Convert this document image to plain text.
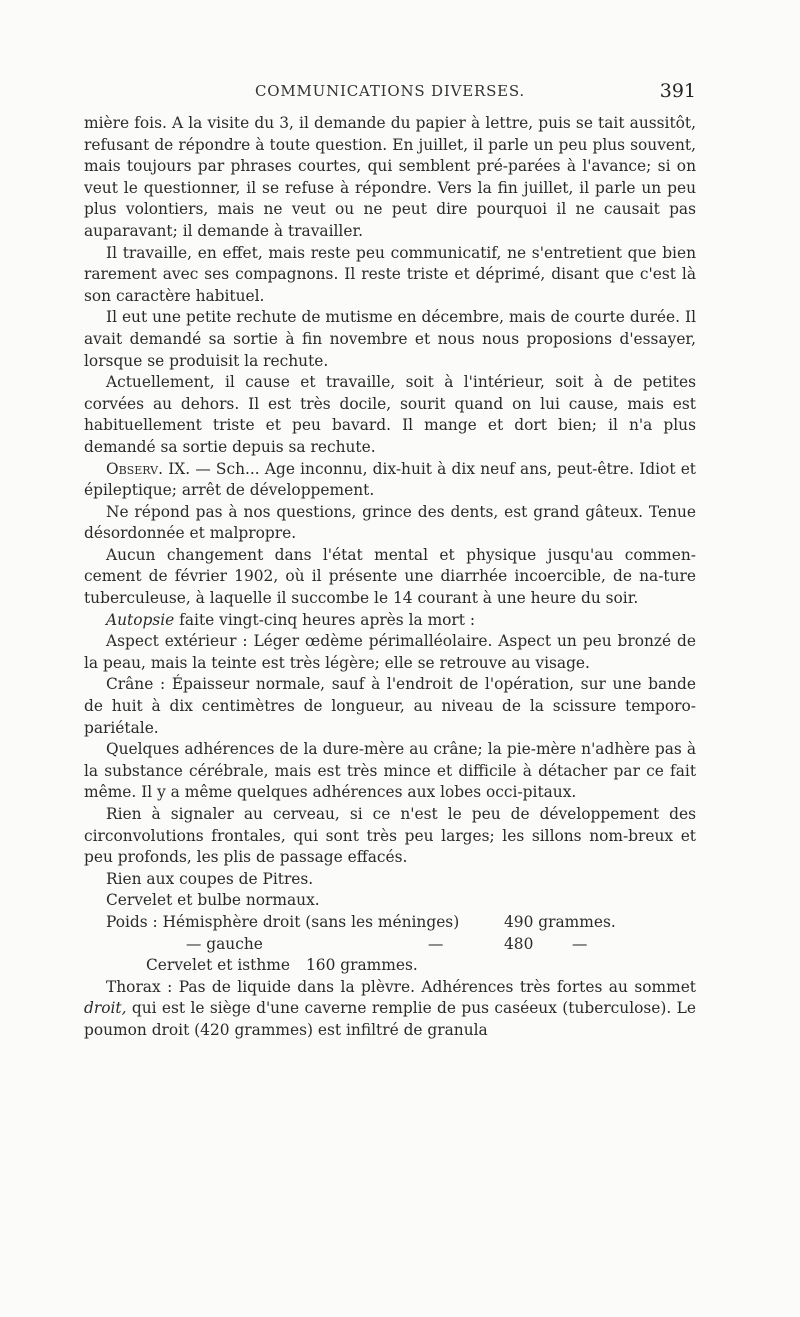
COMMUNICATIONS DIVERSES.	391

mière fois. A la visite du 3, il demande du papier à lettre, puis se tait aussitôt, refusant de répondre à toute question. En juillet, il parle un peu plus souvent, mais toujours par phrases courtes, qui semblent pré-parées à l'avance; si on veut le questionner, il se refuse à répondre. Vers la fin juillet, il parle un peu plus volontiers, mais ne veut ou ne peut dire pourquoi il ne causait pas auparavant; il demande à travailler.

Il travaille, en effet, mais reste peu communicatif, ne s'entretient que bien rarement avec ses compagnons. Il reste triste et déprimé, disant que c'est là son caractère habituel.

Il eut une petite rechute de mutisme en décembre, mais de courte durée. Il avait demandé sa sortie à fin novembre et nous nous proposions d'essayer, lorsque se produisit la rechute.

Actuellement, il cause et travaille, soit à l'intérieur, soit à de petites corvées au dehors. Il est très docile, sourit quand on lui cause, mais est habituellement triste et peu bavard. Il mange et dort bien; il n'a plus demandé sa sortie depuis sa rechute.

Observ. IX. — Sch... Age inconnu, dix-huit à dix neuf ans, peut-être. Idiot et épileptique; arrêt de développement.

Ne répond pas à nos questions, grince des dents, est grand gâteux. Tenue désordonnée et malpropre.

Aucun changement dans l'état mental et physique jusqu'au commen-cement de février 1902, où il présente une diarrhée incoercible, de na-ture tuberculeuse, à laquelle il succombe le 14 courant à une heure du soir.

Autopsie faite vingt-cinq heures après la mort :

Aspect extérieur : Léger œdème périmalléolaire. Aspect un peu bronzé de la peau, mais la teinte est très légère; elle se retrouve au visage.

Crâne : Épaisseur normale, sauf à l'endroit de l'opération, sur une bande de huit à dix centimètres de longueur, au niveau de la scissure temporo-pariétale.

Quelques adhérences de la dure-mère au crâne; la pie-mère n'adhère pas à la substance cérébrale, mais est très mince et difficile à détacher par ce fait même. Il y a même quelques adhérences aux lobes occi-pitaux.

Rien à signaler au cerveau, si ce n'est le peu de développement des circonvolutions frontales, qui sont très peu larges; les sillons nom-breux et peu profonds, les plis de passage effacés.

Rien aux coupes de Pitres.

Cervelet et bulbe normaux.

Poids : Hémisphère droit (sans les méninges)	490 grammes.
— gauche	—	480	—
Cervelet et isthme 160 grammes.

Thorax : Pas de liquide dans la plèvre. Adhérences très fortes au sommet droit, qui est le siège d'une caverne remplie de pus caséeux (tuberculose). Le poumon droit (420 grammes) est infiltré de granula
